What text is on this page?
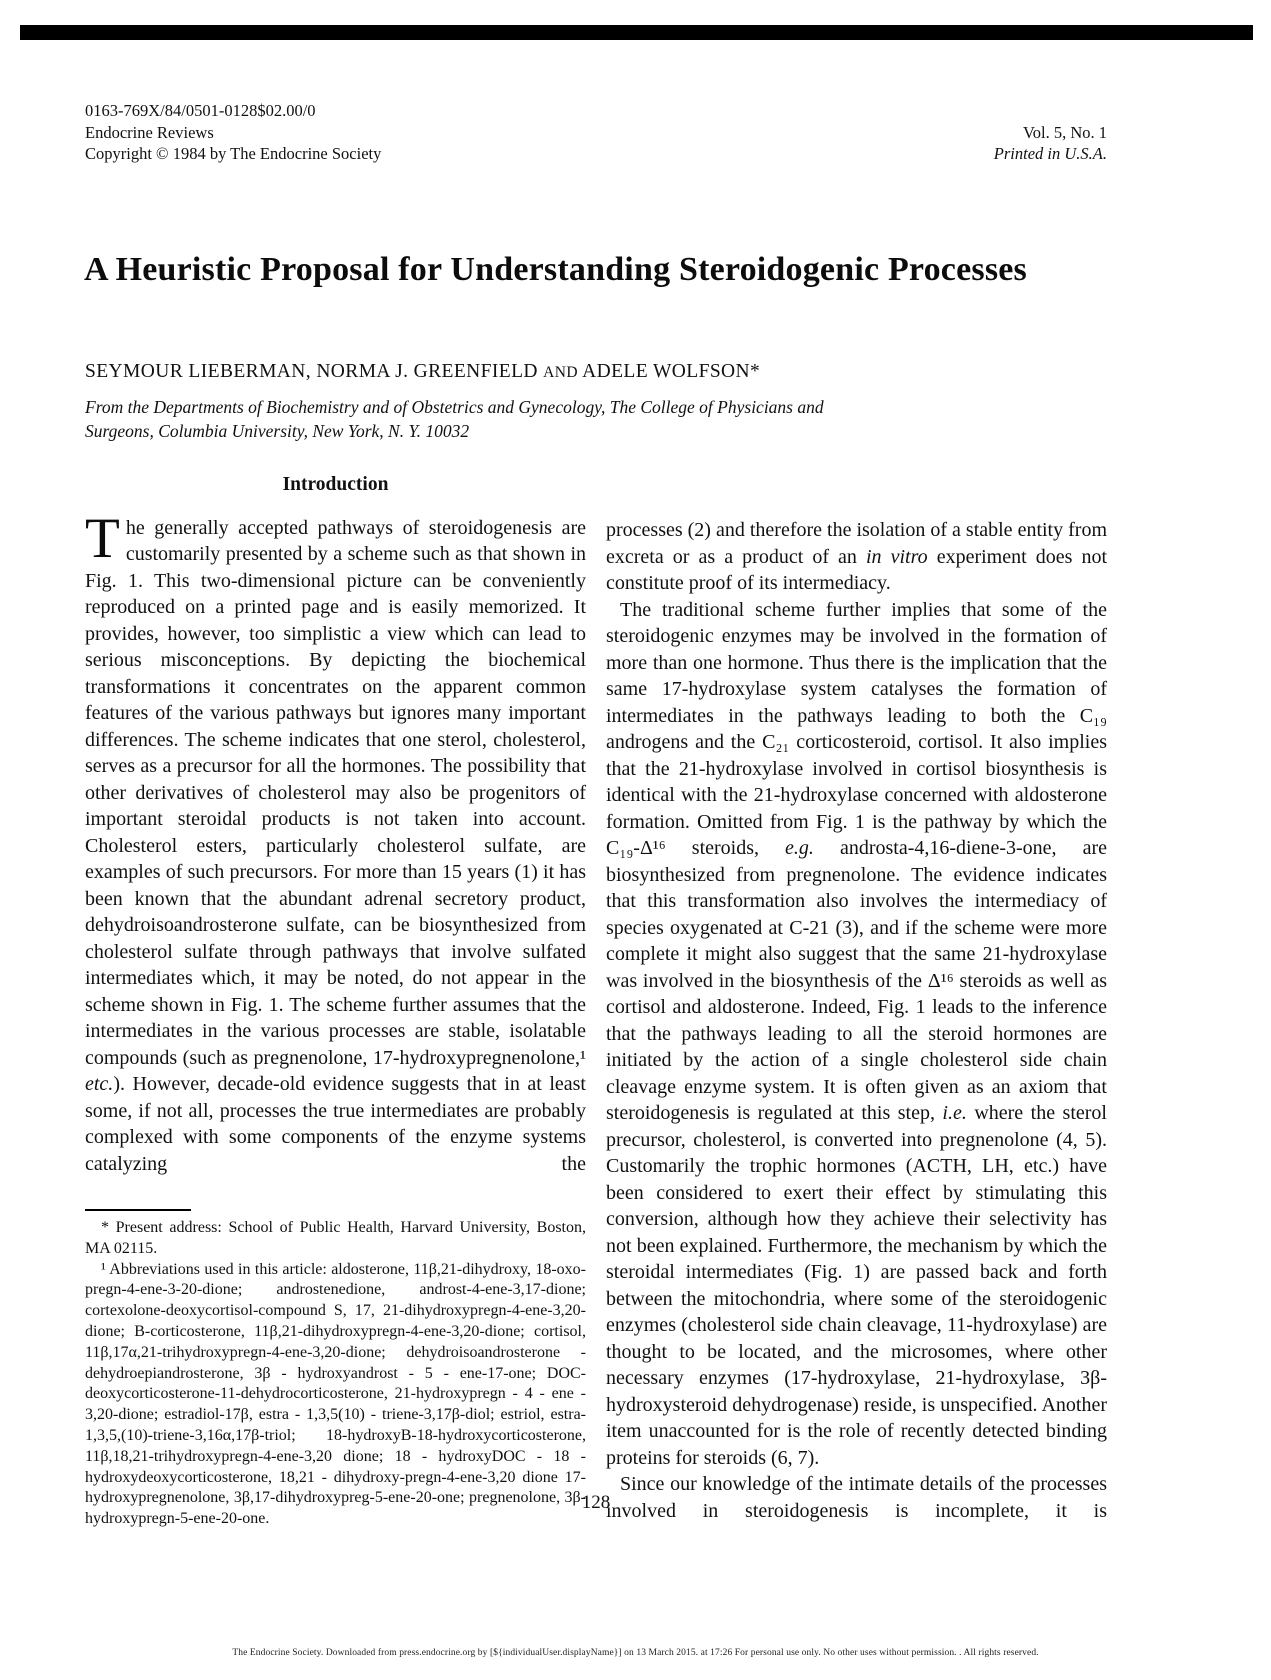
0163-769X/84/0501-0128$02.00/0
Endocrine Reviews
Copyright © 1984 by The Endocrine Society
Vol. 5, No. 1
Printed in U.S.A.
A Heuristic Proposal for Understanding Steroidogenic Processes
SEYMOUR LIEBERMAN, NORMA J. GREENFIELD AND ADELE WOLFSON*
From the Departments of Biochemistry and of Obstetrics and Gynecology, The College of Physicians and Surgeons, Columbia University, New York, N. Y. 10032
Introduction

The generally accepted pathways of steroidogenesis are customarily presented by a scheme such as that shown in Fig. 1. This two-dimensional picture can be conveniently reproduced on a printed page and is easily memorized. It provides, however, too simplistic a view which can lead to serious misconceptions. By depicting the biochemical transformations it concentrates on the apparent common features of the various pathways but ignores many important differences. The scheme indicates that one sterol, cholesterol, serves as a precursor for all the hormones. The possibility that other derivatives of cholesterol may also be progenitors of important steroidal products is not taken into account. Cholesterol esters, particularly cholesterol sulfate, are examples of such precursors. For more than 15 years (1) it has been known that the abundant adrenal secretory product, dehydroisoandrosterone sulfate, can be biosynthesized from cholesterol sulfate through pathways that involve sulfated intermediates which, it may be noted, do not appear in the scheme shown in Fig. 1. The scheme further assumes that the intermediates in the various processes are stable, isolatable compounds (such as pregnenolone, 17-hydroxypregnenolone,¹ etc.). However, decade-old evidence suggests that in at least some, if not all, processes the true intermediates are probably complexed with some components of the enzyme systems catalyzing the

* Present address: School of Public Health, Harvard University, Boston, MA 02115.

¹ Abbreviations used in this article: aldosterone, 11β,21-dihydroxy, 18-oxo-pregn-4-ene-3-20-dione; androstenedione, androst-4-ene-3,17-dione; cortexolone-deoxycortisol-compound S, 17, 21-dihydroxypregn-4-ene-3,20-dione; B-corticosterone, 11β,21-dihydroxypregn-4-ene-3,20-dione; cortisol, 11β,17α,21-trihydroxypregn-4-ene-3,20-dione; dehydroisoandrosterone - dehydroepiandrosterone, 3β - hydroxyandrost - 5 - ene-17-one; DOC-deoxycorticosterone-11-dehydrocorticosterone, 21-hydroxypregn - 4 - ene - 3,20-dione; estradiol-17β, estra - 1,3,5(10) - triene-3,17β-diol; estriol, estra-1,3,5,(10)-triene-3,16α,17β-triol; 18-hydroxyB-18-hydroxycorticosterone, 11β,18,21-trihydroxypregn-4-ene-3,20 dione; 18 - hydroxyDOC - 18 - hydroxydeoxycorticosterone, 18,21 - dihydroxy-pregn-4-ene-3,20 dione 17-hydroxypregnenolone, 3β,17-dihydroxypreg-5-ene-20-one; pregnenolone, 3β-hydroxypregn-5-ene-20-one.

processes (2) and therefore the isolation of a stable entity from excreta or as a product of an in vitro experiment does not constitute proof of its intermediacy.

The traditional scheme further implies that some of the steroidogenic enzymes may be involved in the formation of more than one hormone. Thus there is the implication that the same 17-hydroxylase system catalyses the formation of intermediates in the pathways leading to both the C₁₉ androgens and the C₂₁ corticosteroid, cortisol. It also implies that the 21-hydroxylase involved in cortisol biosynthesis is identical with the 21-hydroxylase concerned with aldosterone formation. Omitted from Fig. 1 is the pathway by which the C₁₉-Δ¹⁶ steroids, e.g. androsta-4,16-diene-3-one, are biosynthesized from pregnenolone. The evidence indicates that this transformation also involves the intermediacy of species oxygenated at C-21 (3), and if the scheme were more complete it might also suggest that the same 21-hydroxylase was involved in the biosynthesis of the Δ¹⁶ steroids as well as cortisol and aldosterone. Indeed, Fig. 1 leads to the inference that the pathways leading to all the steroid hormones are initiated by the action of a single cholesterol side chain cleavage enzyme system. It is often given as an axiom that steroidogenesis is regulated at this step, i.e. where the sterol precursor, cholesterol, is converted into pregnenolone (4, 5). Customarily the trophic hormones (ACTH, LH, etc.) have been considered to exert their effect by stimulating this conversion, although how they achieve their selectivity has not been explained. Furthermore, the mechanism by which the steroidal intermediates (Fig. 1) are passed back and forth between the mitochondria, where some of the steroidogenic enzymes (cholesterol side chain cleavage, 11-hydroxylase) are thought to be located, and the microsomes, where other necessary enzymes (17-hydroxylase, 21-hydroxylase, 3β-hydroxysteroid dehydrogenase) reside, is unspecified. Another item unaccounted for is the role of recently detected binding proteins for steroids (6, 7).

Since our knowledge of the intimate details of the processes involved in steroidogenesis is incomplete, it is

128
The Endocrine Society. Downloaded from press.endocrine.org by [${individualUser.displayName}] on 13 March 2015. at 17:26 For personal use only. No other uses without permission. . All rights reserved.
